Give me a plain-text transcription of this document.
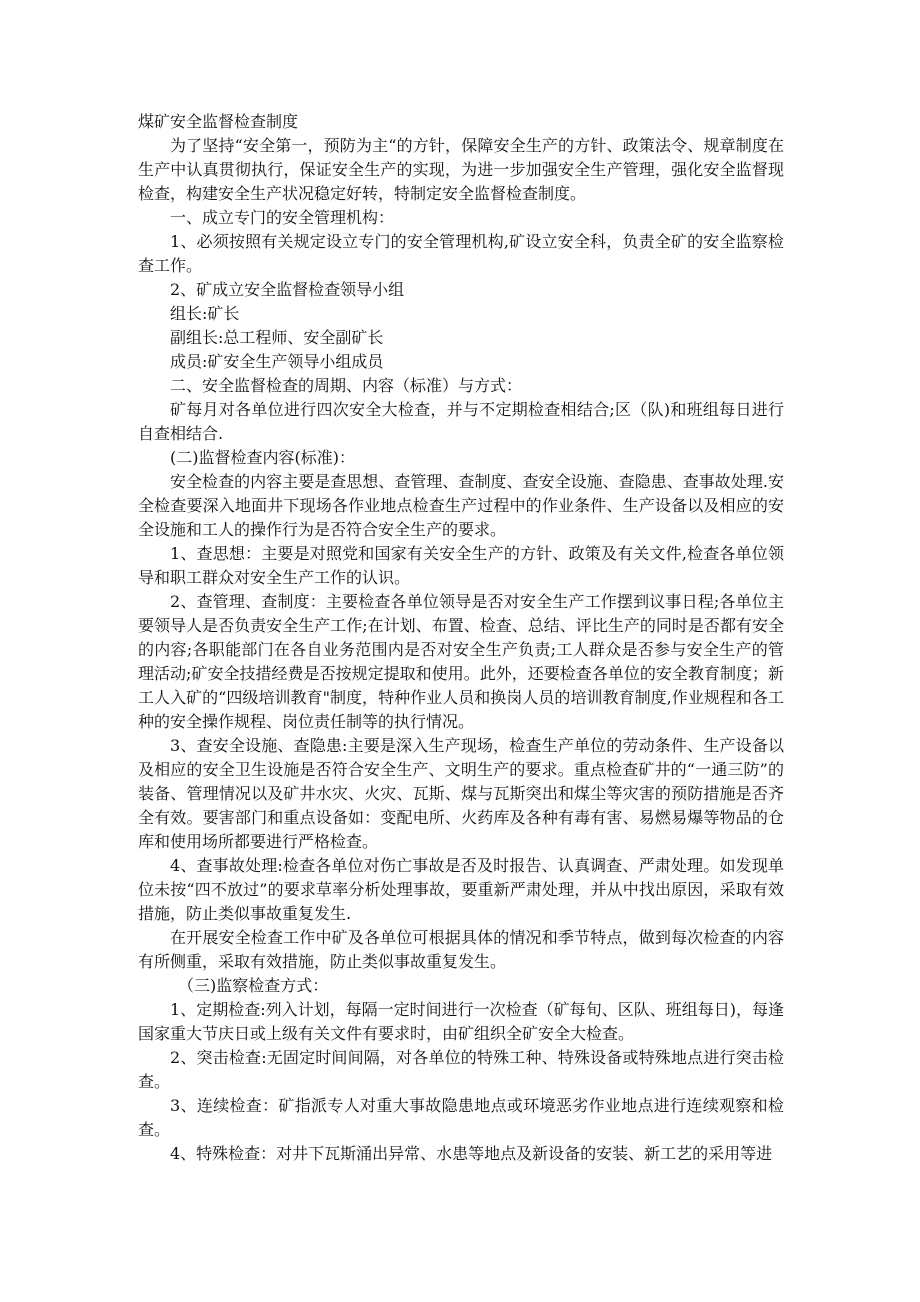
煤矿安全监督检查制度

为了坚持“安全第一，预防为主“的方针，保障安全生产的方针、政策法令、规章制度在生产中认真贯彻执行，保证安全生产的实现，为进一步加强安全生产管理，强化安全监督现检查，构建安全生产状况稳定好转，特制定安全监督检查制度。

一、成立专门的安全管理机构：

1、必须按照有关规定设立专门的安全管理机构,矿设立安全科，负责全矿的安全监察检查工作。

2、矿成立安全监督检查领导小组

组长:矿长

副组长:总工程师、安全副矿长

成员:矿安全生产领导小组成员

二、安全监督检查的周期、内容（标准）与方式：

矿每月对各单位进行四次安全大检查，并与不定期检查相结合;区（队)和班组每日进行自查相结合.

(二)监督检查内容(标准)：

安全检查的内容主要是查思想、查管理、查制度、查安全设施、查隐患、查事故处理.安全检查要深入地面井下现场各作业地点检查生产过程中的作业条件、生产设备以及相应的安全设施和工人的操作行为是否符合安全生产的要求。

1、查思想：主要是对照党和国家有关安全生产的方针、政策及有关文件,检查各单位领导和职工群众对安全生产工作的认识。

2、查管理、查制度：主要检查各单位领导是否对安全生产工作摆到议事日程;各单位主要领导人是否负责安全生产工作;在计划、布置、检查、总结、评比生产的同时是否都有安全的内容;各职能部门在各自业务范围内是否对安全生产负责;工人群众是否参与安全生产的管理活动;矿安全技措经费是否按规定提取和使用。此外，还要检查各单位的安全教育制度；新工人入矿的“四级培训教育"制度，特种作业人员和换岗人员的培训教育制度,作业规程和各工种的安全操作规程、岗位责任制等的执行情况。

3、查安全设施、查隐患:主要是深入生产现场，检查生产单位的劳动条件、生产设备以及相应的安全卫生设施是否符合安全生产、文明生产的要求。重点检查矿井的“一通三防”的装备、管理情况以及矿井水灾、火灾、瓦斯、煤与瓦斯突出和煤尘等灾害的预防措施是否齐全有效。要害部门和重点设备如：变配电所、火药库及各种有毒有害、易燃易爆等物品的仓库和使用场所都要进行严格检查。

4、查事故处理:检查各单位对伤亡事故是否及时报告、认真调查、严肃处理。如发现单位未按“四不放过”的要求草率分析处理事故，要重新严肃处理，并从中找出原因，采取有效措施，防止类似事故重复发生.

在开展安全检查工作中矿及各单位可根据具体的情况和季节特点，做到每次检查的内容有所侧重，采取有效措施，防止类似事故重复发生。

（三)监察检查方式：

1、定期检查:列入计划，每隔一定时间进行一次检查（矿每旬、区队、班组每日)，每逢国家重大节庆日或上级有关文件有要求时，由矿组织全矿安全大检查。

2、突击检查:无固定时间间隔，对各单位的特殊工种、特殊设备或特殊地点进行突击检查。

3、连续检查：矿指派专人对重大事故隐患地点或环境恶劣作业地点进行连续观察和检查。

4、特殊检查：对井下瓦斯涌出异常、水患等地点及新设备的安装、新工艺的采用等进
